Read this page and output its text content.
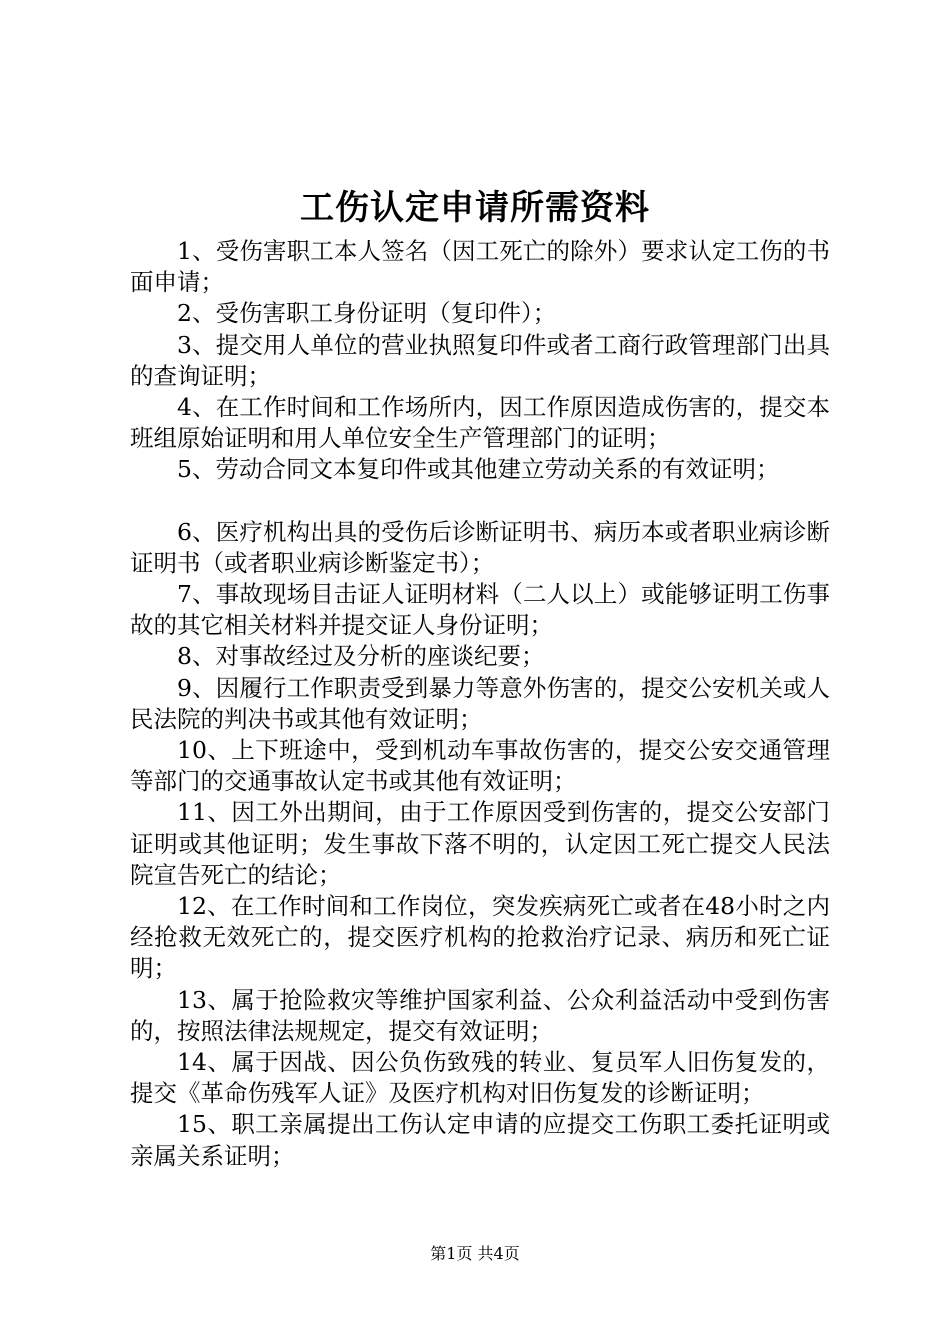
工伤认定申请所需资料

1、受伤害职工本人签名（因工死亡的除外）要求认定工伤的书面申请；

2、受伤害职工身份证明（复印件）；

3、提交用人单位的营业执照复印件或者工商行政管理部门出具的查询证明；

4、在工作时间和工作场所内，因工作原因造成伤害的，提交本班组原始证明和用人单位安全生产管理部门的证明；

5、劳动合同文本复印件或其他建立劳动关系的有效证明；

6、医疗机构出具的受伤后诊断证明书、病历本或者职业病诊断证明书（或者职业病诊断鉴定书）；

7、事故现场目击证人证明材料（二人以上）或能够证明工伤事故的其它相关材料并提交证人身份证明；

8、对事故经过及分析的座谈纪要；

9、因履行工作职责受到暴力等意外伤害的，提交公安机关或人民法院的判决书或其他有效证明；

10、上下班途中，受到机动车事故伤害的，提交公安交通管理等部门的交通事故认定书或其他有效证明；

11、因工外出期间，由于工作原因受到伤害的，提交公安部门证明或其他证明；发生事故下落不明的，认定因工死亡提交人民法院宣告死亡的结论；

12、在工作时间和工作岗位，突发疾病死亡或者在48小时之内经抢救无效死亡的，提交医疗机构的抢救治疗记录、病历和死亡证明；

13、属于抢险救灾等维护国家利益、公众利益活动中受到伤害的，按照法律法规规定，提交有效证明；

14、属于因战、因公负伤致残的转业、复员军人旧伤复发的，提交《革命伤残军人证》及医疗机构对旧伤复发的诊断证明；

15、职工亲属提出工伤认定申请的应提交工伤职工委托证明或亲属关系证明；

第1页 共4页
